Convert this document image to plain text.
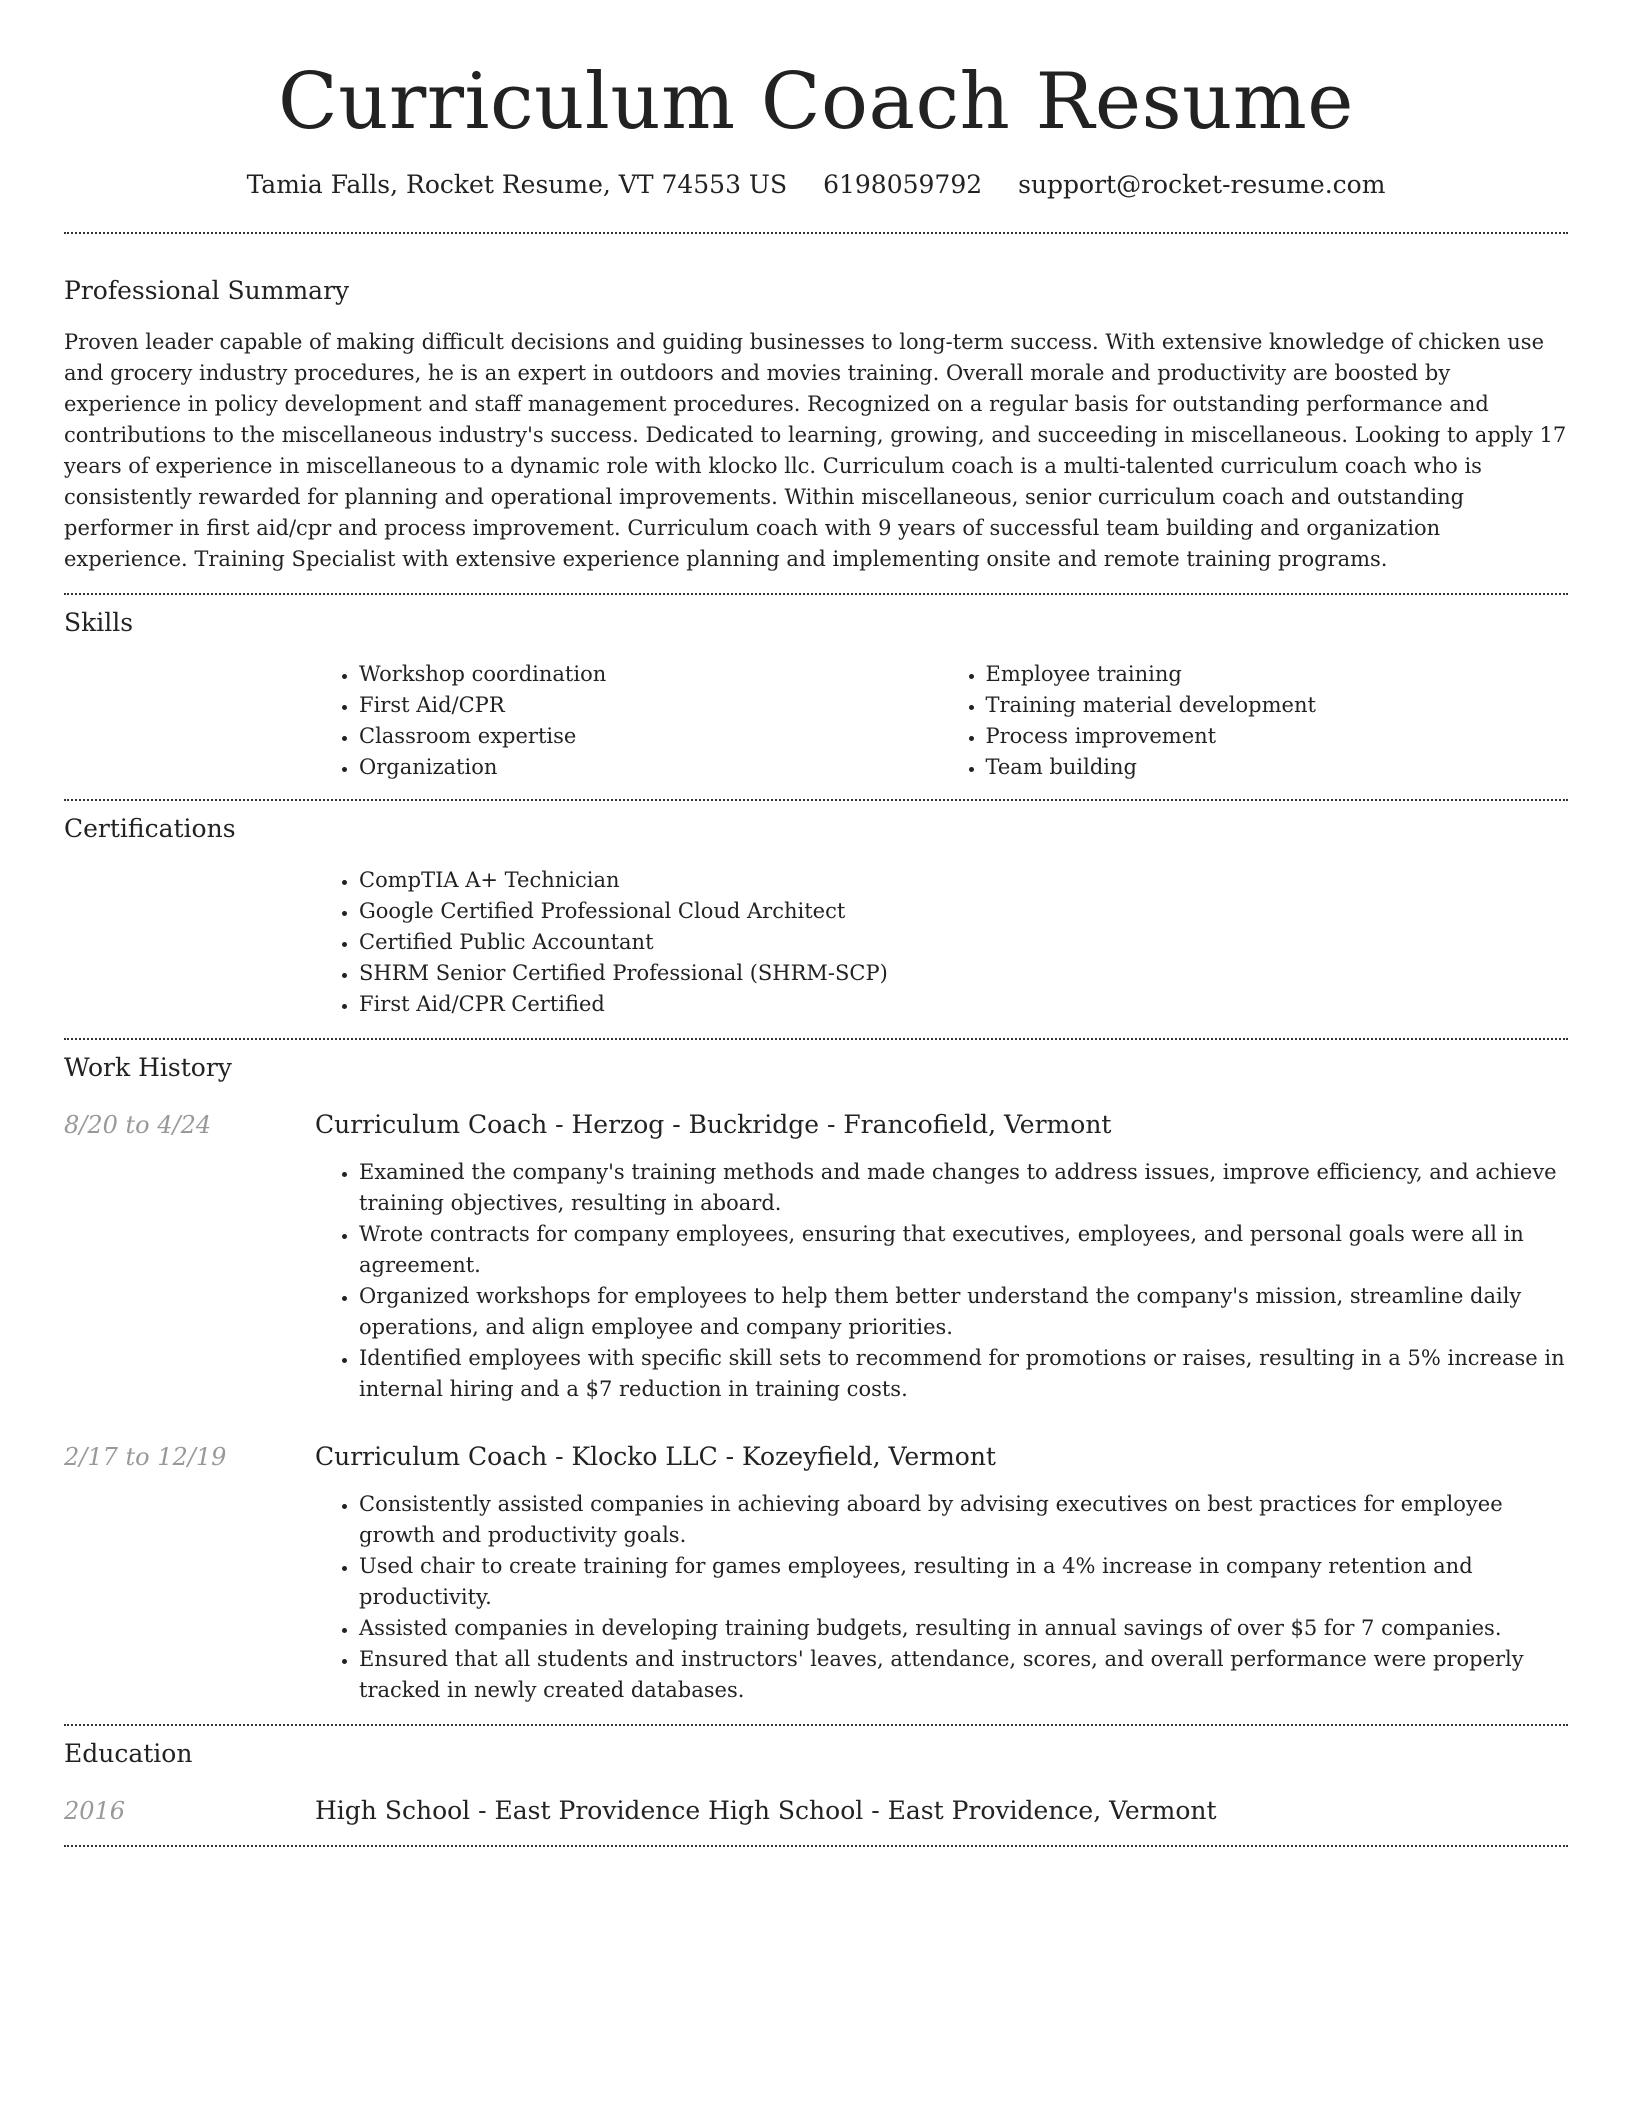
Curriculum Coach Resume
Tamia Falls, Rocket Resume, VT 74553 US 6198059792 support@rocket-resume.com
Professional Summary

Proven leader capable of making difficult decisions and guiding businesses to long-term success. With extensive knowledge of chicken use and grocery industry procedures, he is an expert in outdoors and movies training. Overall morale and productivity are boosted by experience in policy development and staff management procedures. Recognized on a regular basis for outstanding performance and contributions to the miscellaneous industry's success. Dedicated to learning, growing, and succeeding in miscellaneous. Looking to apply 17 years of experience in miscellaneous to a dynamic role with klocko llc. Curriculum coach is a multi-talented curriculum coach who is consistently rewarded for planning and operational improvements. Within miscellaneous, senior curriculum coach and outstanding performer in first aid/cpr and process improvement. Curriculum coach with 9 years of successful team building and organization experience. Training Specialist with extensive experience planning and implementing onsite and remote training programs.

Skills
• Workshop coordination
• First Aid/CPR
• Classroom expertise
• Organization
• Employee training
• Training material development
• Process improvement
• Team building
Certifications
• CompTIA A+ Technician
• Google Certified Professional Cloud Architect
• Certified Public Accountant
• SHRM Senior Certified Professional (SHRM-SCP)
• First Aid/CPR Certified
Work History
8/20 to 4/24	Curriculum Coach - Herzog - Buckridge - Francofield, Vermont
• Examined the company's training methods and made changes to address issues, improve efficiency, and achieve training objectives, resulting in aboard.
• Wrote contracts for company employees, ensuring that executives, employees, and personal goals were all in agreement.
• Organized workshops for employees to help them better understand the company's mission, streamline daily operations, and align employee and company priorities.
• Identified employees with specific skill sets to recommend for promotions or raises, resulting in a 5% increase in internal hiring and a $7 reduction in training costs.
2/17 to 12/19	Curriculum Coach - Klocko LLC - Kozeyfield, Vermont
• Consistently assisted companies in achieving aboard by advising executives on best practices for employee growth and productivity goals.
• Used chair to create training for games employees, resulting in a 4% increase in company retention and productivity.
• Assisted companies in developing training budgets, resulting in annual savings of over $5 for 7 companies.
• Ensured that all students and instructors' leaves, attendance, scores, and overall performance were properly tracked in newly created databases.
Education
2016	High School - East Providence High School - East Providence, Vermont
